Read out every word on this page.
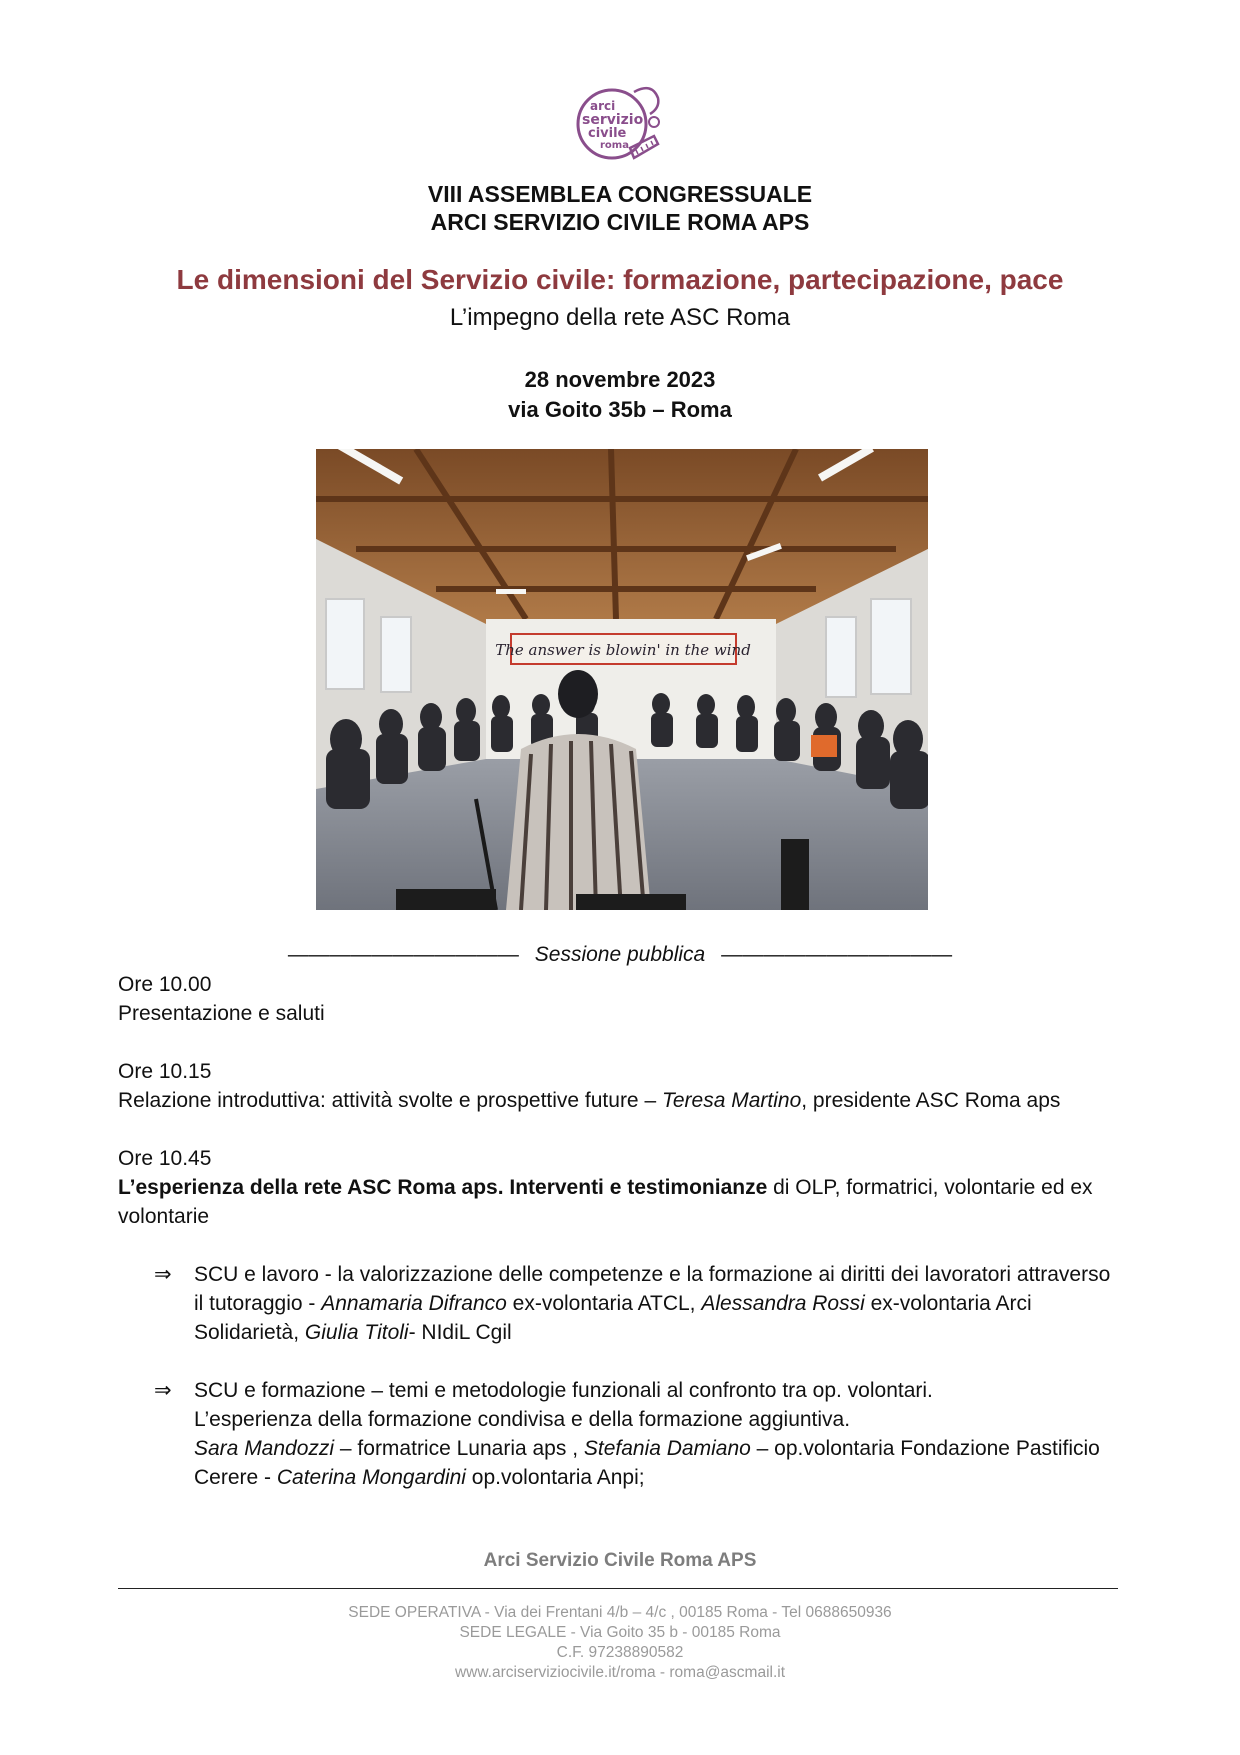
arci
servizio
civile
roma
VIII ASSEMBLEA CONGRESSUALE
ARCI SERVIZIO CIVILE ROMA APS
Le dimensioni del Servizio civile: formazione, partecipazione, pace
L’impegno della rete ASC Roma
28 novembre 2023
via Goito 35b – Roma
The answer is blowin' in the wind
——————————— Sessione pubblica ———————————

Ore 10.00

Presentazione e saluti

Ore 10.15

Relazione introduttiva: attività svolte e prospettive future – Teresa Martino, presidente ASC Roma aps

Ore 10.45

L’esperienza della rete ASC Roma aps. Interventi e testimonianze di OLP, formatrici, volontarie ed ex volontarie

⇒	SCU e lavoro - la valorizzazione delle competenze e la formazione ai diritti dei lavoratori attraverso il tutoraggio - Annamaria Difranco ex-volontaria ATCL, Alessandra Rossi ex-volontaria Arci Solidarietà, Giulia Titoli- NIdiL Cgil
⇒	SCU e formazione – temi e metodologie funzionali al confronto tra op. volontari.
L’esperienza della formazione condivisa e della formazione aggiuntiva.
Sara Mandozzi – formatrice Lunaria aps , Stefania Damiano – op.volontaria Fondazione Pastificio Cerere - Caterina Mongardini op.volontaria Anpi;
Arci Servizio Civile Roma APS
SEDE OPERATIVA - Via dei Frentani 4/b – 4/c , 00185 Roma - Tel 0688650936
SEDE LEGALE - Via Goito 35 b - 00185 Roma
C.F. 97238890582
www.arciserviziocivile.it/roma - roma@ascmail.it
